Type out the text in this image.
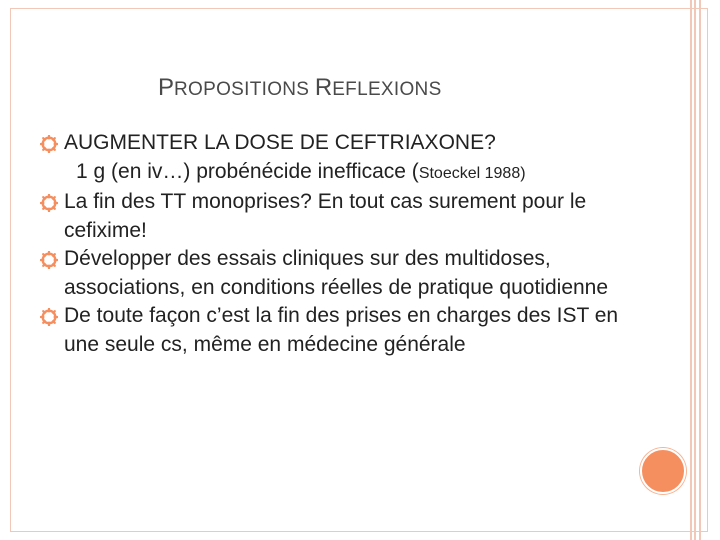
PROPOSITIONS REFLEXIONS
AUGMENTER LA DOSE DE CEFTRIAXONE?
1 g (en iv…) probénécide inefficace (Stoeckel 1988)
La fin des TT monoprises? En tout cas surement pour le cefixime!
Développer des essais cliniques sur des multidoses, associations, en conditions réelles de pratique quotidienne
De toute façon c’est la fin des prises en charges des IST en une seule cs, même en médecine générale
